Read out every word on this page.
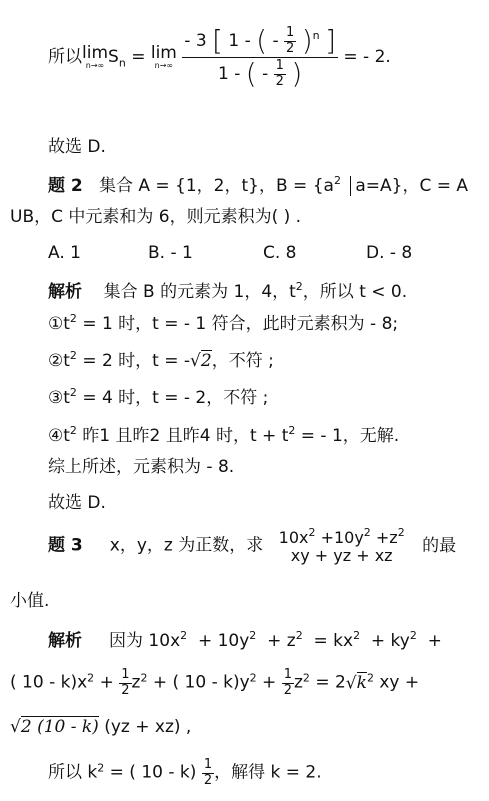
所以 lim
n→∞ $S_n = \lim$
n→∞

- 3 [ 1 - ( - $\frac{1}{2} )^n$ ]
1 - ( - $\frac{1}{2}$ )
= - 2.
故选 D.
题 2 集合 A = {1，2，t}，$B = \{a^2$ a=A}，C = A
UB，C 中元素和为 6，则元素积为( ) .
A. 1	B. - 1	C. 8	D. - 8
解析 集合 B 的元素为 1，4，$t^2$，所以 t < 0.
$①t^2 = 1$ 时，t = - 1 符合，此时元素积为 - 8;
$②t^2 = 2$ 时，t = -√2，不符 ;
$③t^2 = 4$ 时，t = - 2，不符 ;
$④t^2$ 昨1 且昨2 且昨4 时，$t + t^2$ = - 1，无解.
综上所述，元素积为 - 8.
故选 D.
题 3 x，y，z 为正数，求 $10x^2 +10y^2 +z^2$
xy + yz + xz
的最
小值.
解析 因为 $10x^2 + 10y^2 + z^2 = kx^2 + ky^2$ +
( $10 - k)x^2 + \frac{1}{2} z^2$ + ( $10 - k)y^2 + \frac{1}{2} z^2 = 2√k^2$ xy +
√2 (10 - k) (yz + xz) ,
所以 $k^2$ = ( $10 - k) \frac{1}{2}$ ，解得 k = 2.
